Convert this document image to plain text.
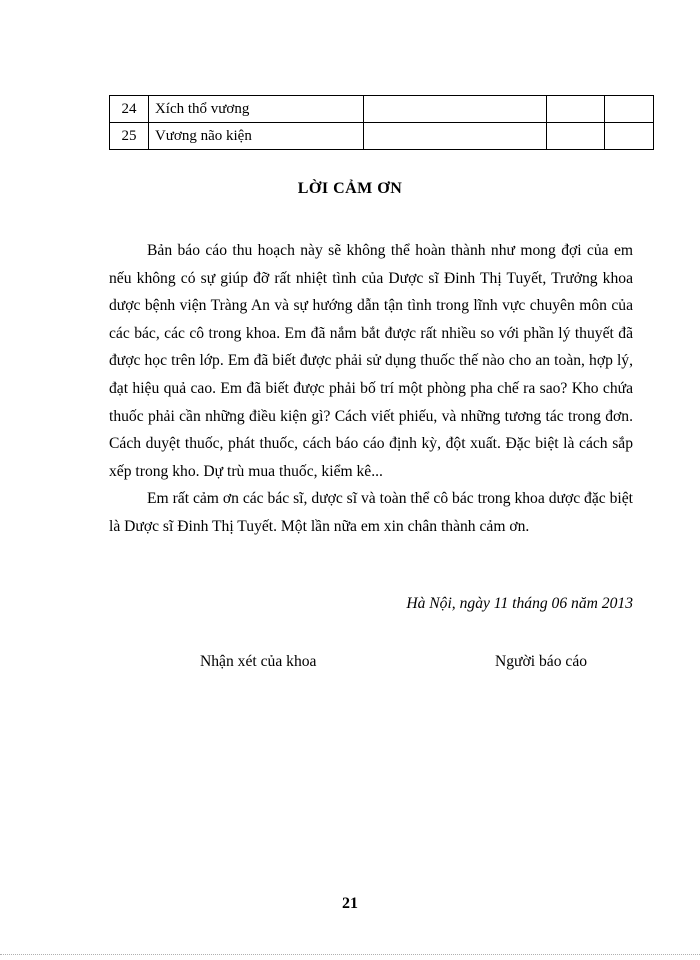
24	Xích thổ vương			
25	Vương não kiện			
LỜI CẢM ƠN

Bản báo cáo thu hoạch này sẽ không thể hoàn thành như mong đợi của em nếu không có sự giúp đỡ rất nhiệt tình của Dược sĩ Đinh Thị Tuyết, Trưởng khoa dược bệnh viện Tràng An và sự hướng dẫn tận tình trong lĩnh vực chuyên môn của các bác, các cô trong khoa. Em đã nắm bắt được rất nhiều so với phần lý thuyết đã được học trên lớp. Em đã biết được phải sử dụng thuốc thế nào cho an toàn, hợp lý, đạt hiệu quả cao. Em đã biết được phải bố trí một phòng pha chế ra sao? Kho chứa thuốc phải cần những điều kiện gì? Cách viết phiếu, và những tương tác trong đơn. Cách duyệt thuốc, phát thuốc, cách báo cáo định kỳ, đột xuất. Đặc biệt là cách sắp xếp trong kho. Dự trù mua thuốc, kiểm kê...

Em rất cảm ơn các bác sĩ, dược sĩ và toàn thể cô bác trong khoa dược đặc biệt là Dược sĩ Đinh Thị Tuyết. Một lần nữa em xin chân thành cảm ơn.

Hà Nội, ngày 11 tháng 06 năm 2013
Nhận xét của khoa	Người báo cáo
21
